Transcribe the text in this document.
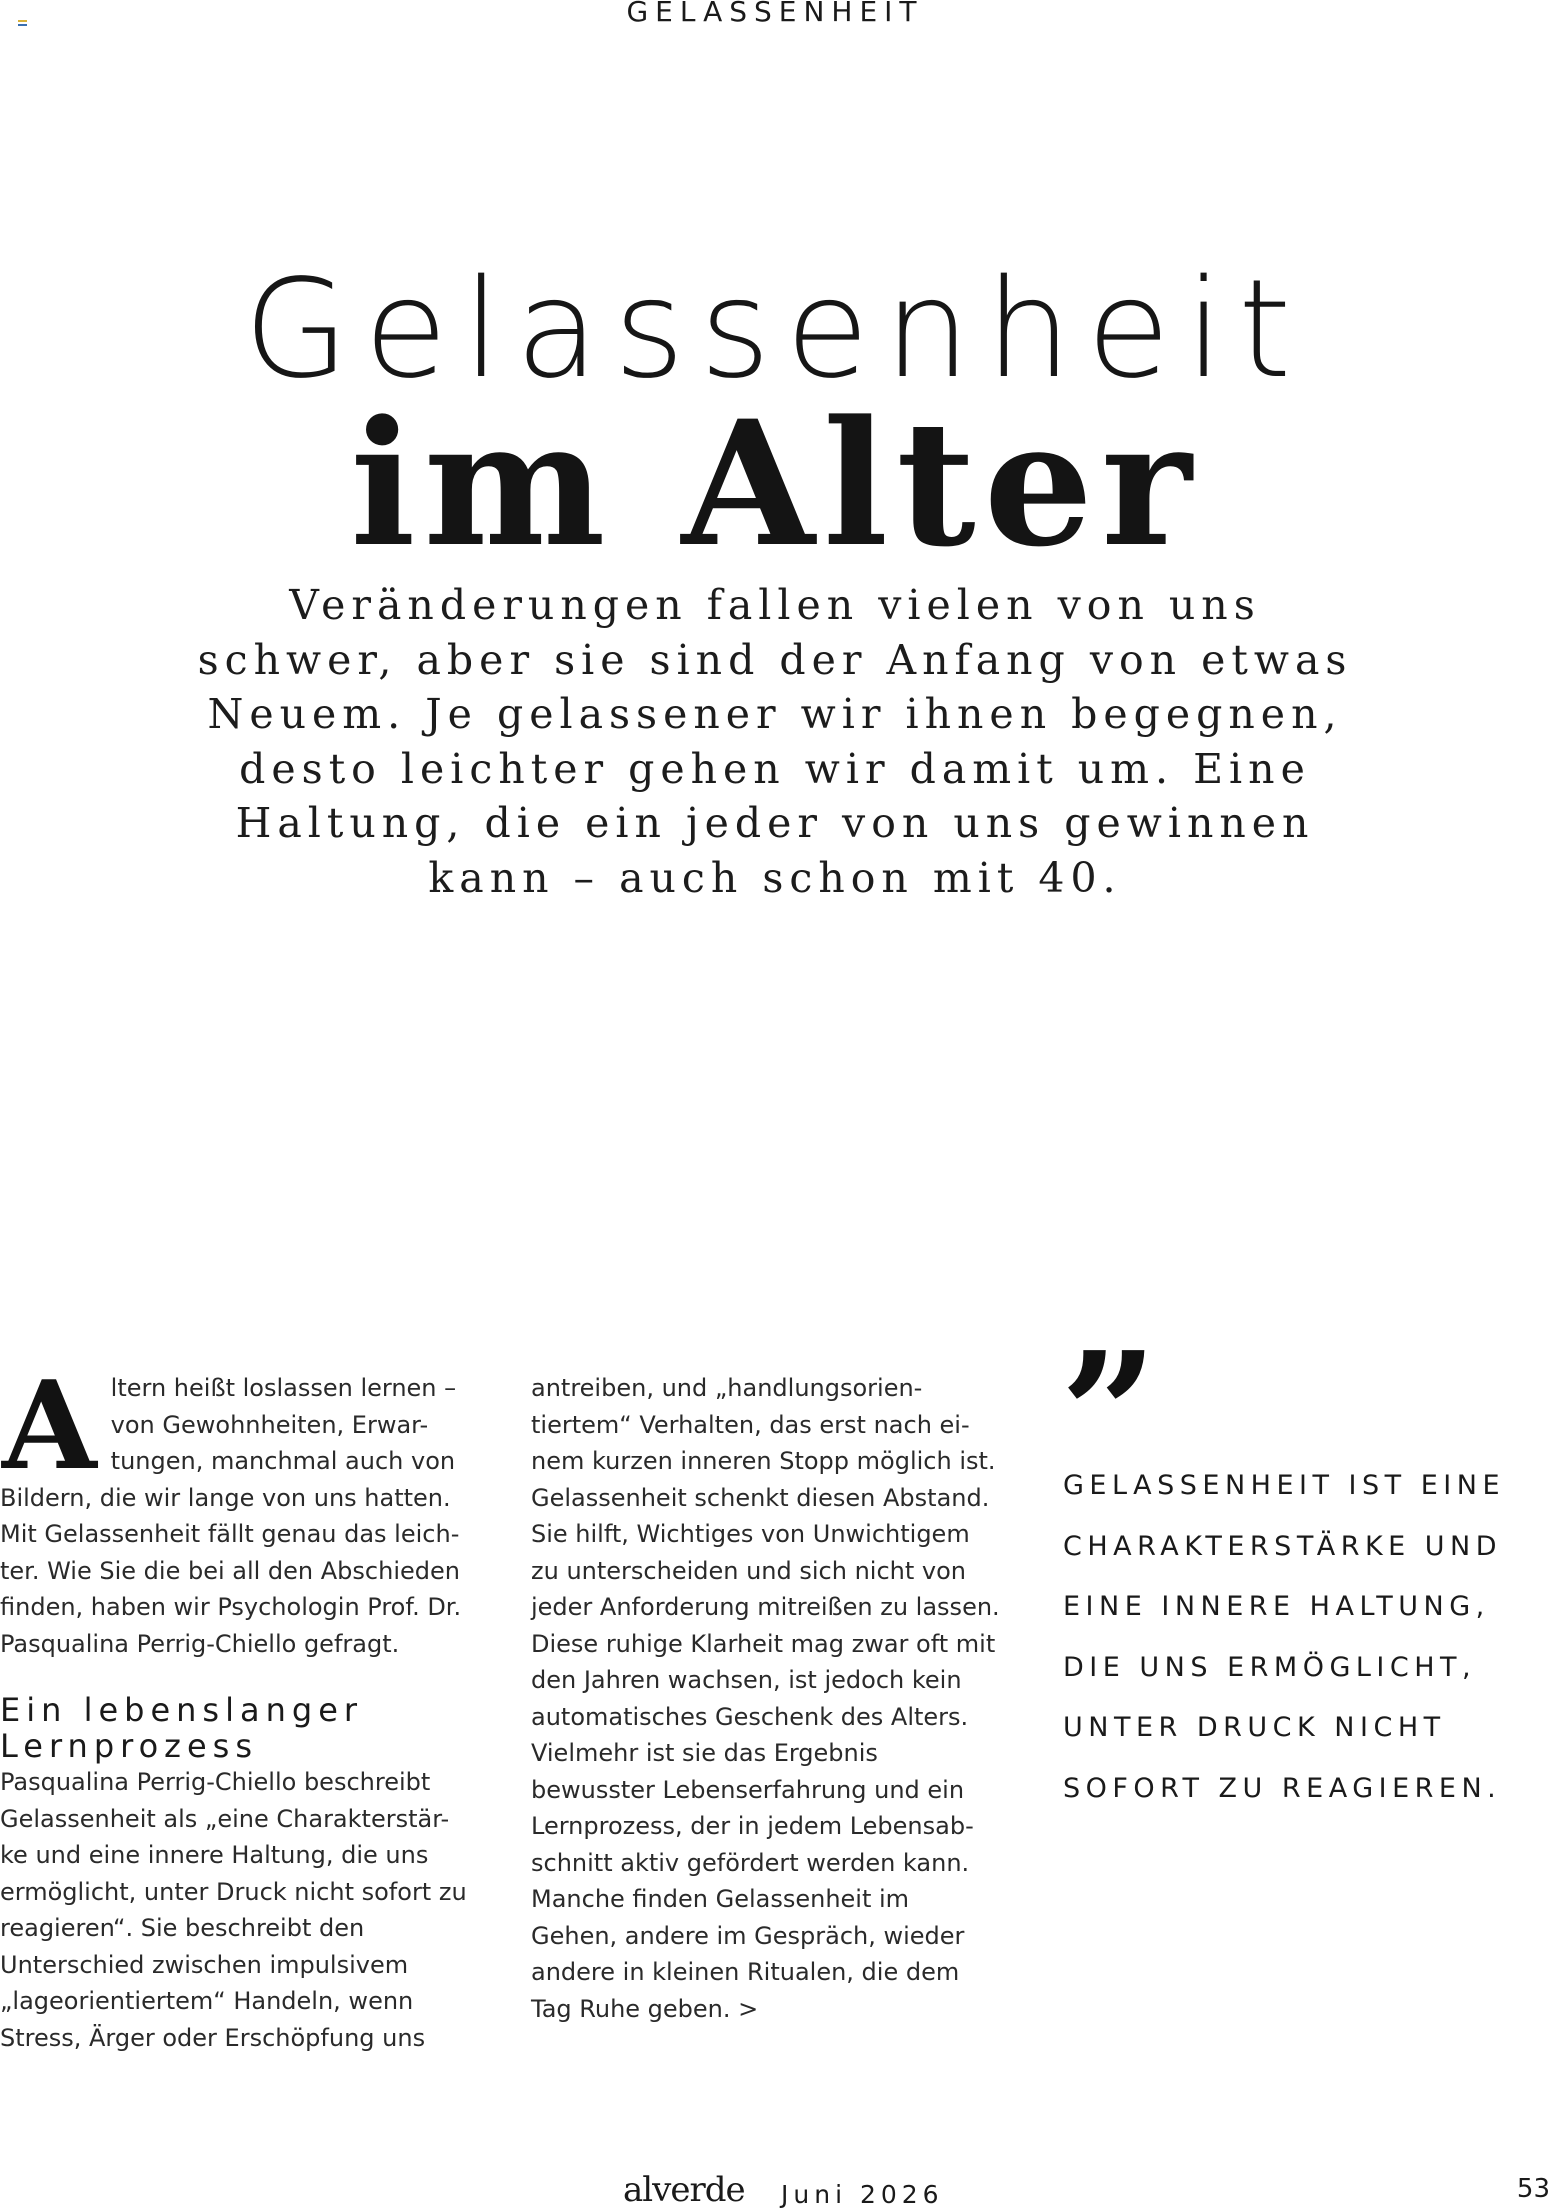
GELASSENHEIT
Gelassenheit
im Alter
Veränderungen fallen vielen von uns schwer, aber sie sind der Anfang von etwas Neuem. Je gelassener wir ihnen begegnen, desto leichter gehen wir damit um. Eine Haltung, die ein jeder von uns gewinnen kann – auch schon mit 40.
A ltern heißt loslassen lernen – von Gewohnheiten, Erwar-
tungen, manchmal auch von Bildern, die wir lange von uns hatten. Mit Gelassenheit fällt genau das leich-
ter. Wie Sie die bei all den Abschieden finden, haben wir Psychologin Prof. Dr. Pasqualina Perrig-Chiello gefragt.

Ein lebenslanger
Lernprozess

Pasqualina Perrig-Chiello beschreibt Gelassenheit als „eine Charakterstär-
ke und eine innere Haltung, die uns ermöglicht, unter Druck nicht sofort zu reagieren“. Sie beschreibt den Unterschied zwischen impulsivem „lageorientiertem“ Handeln, wenn Stress, Ärger oder Erschöpfung uns

antreiben, und „handlungsorien-
tiertem“ Verhalten, das erst nach ei-
nem kurzen inneren Stopp möglich ist. Gelassenheit schenkt diesen Abstand. Sie hilft, Wichtiges von Unwichtigem zu unterscheiden und sich nicht von jeder Anforderung mitreißen zu lassen. Diese ruhige Klarheit mag zwar oft mit den Jahren wachsen, ist jedoch kein automatisches Geschenk des Alters. Vielmehr ist sie das Ergebnis bewusster Lebenserfahrung und ein Lernprozess, der in jedem Lebensab-
schnitt aktiv gefördert werden kann. Manche finden Gelassenheit im Gehen, andere im Gespräch, wieder andere in kleinen Ritualen, die dem Tag Ruhe geben. >

”
GELASSENHEIT IST EINE CHARAKTERSTÄRKE UND EINE INNERE HALTUNG, DIE UNS ERMÖGLICHT, UNTER DRUCK NICHT SOFORT ZU REAGIEREN.
alverde Juni 2026	53
